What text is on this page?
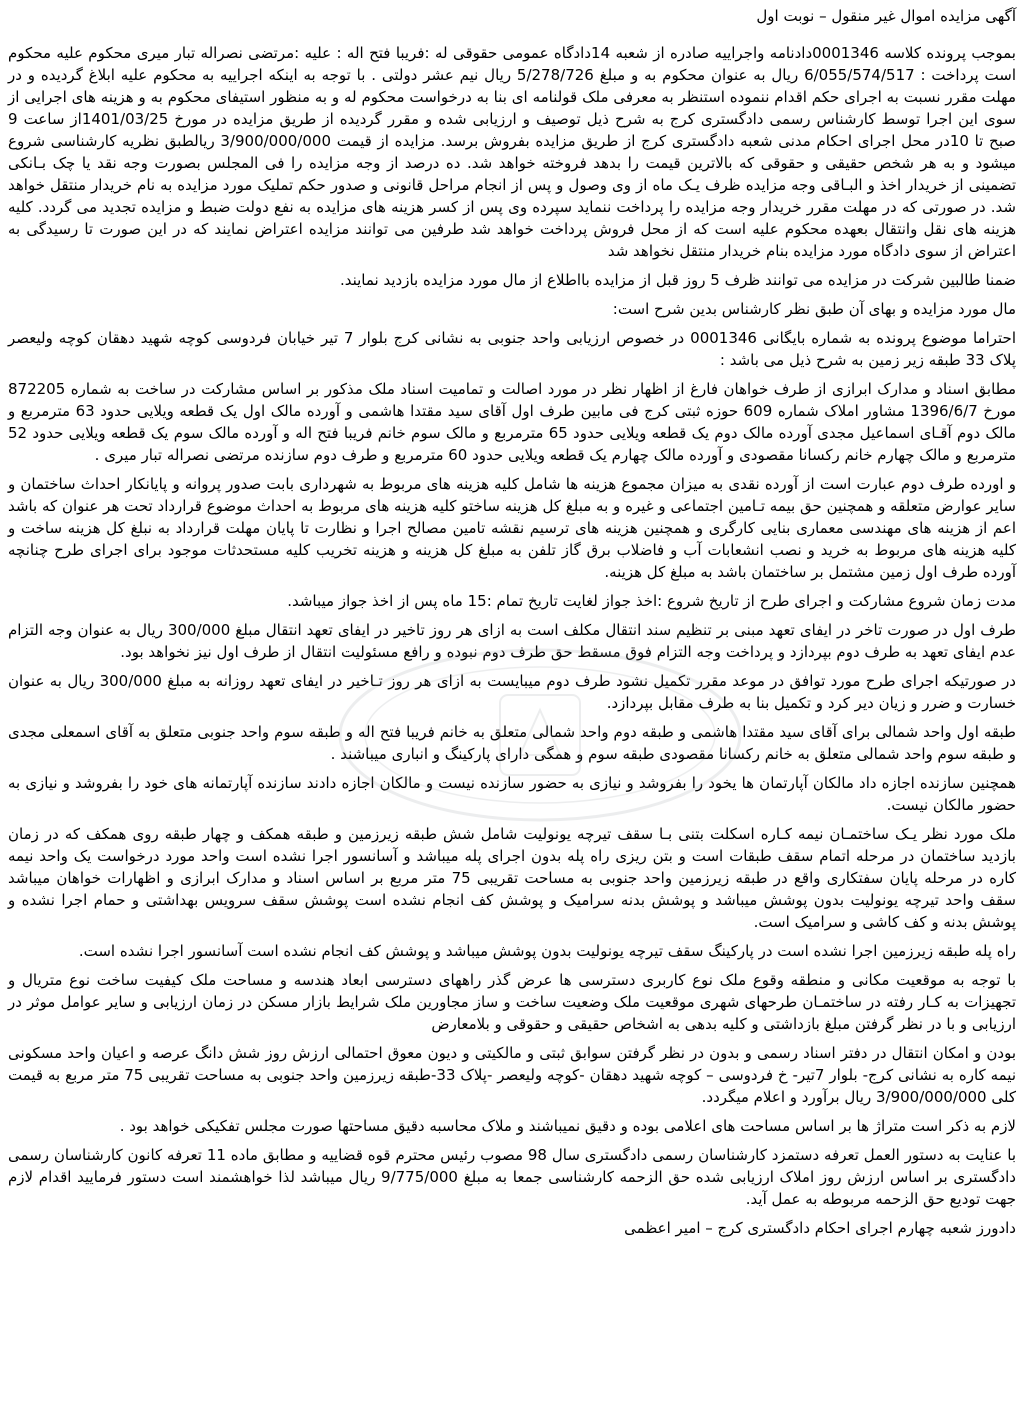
آگهی مزایده اموال غیر منقول – نوبت اول

بموجب پرونده کلاسه 0001346دادنامه واجراییه صادره از شعبه 14دادگاه عمومی حقوقی له :فریبا فتح اله : علیه :مرتضی نصراله تبار میری محکوم علیه محکوم است پرداخت : 6/055/574/517 ریال به عنوان محکوم به و مبلغ 5/278/726 ریال نیم عشر دولتی . با توجه به اینکه اجراییه به محکوم علیه ابلاغ گردیده و در مهلت مقرر نسبت به اجرای حکم اقدام ننموده استنظر به معرفی ملک قولنامه ای بنا به درخواست محکوم له و به منظور استیفای محکوم به و هزینه های اجرایی از سوی این اجرا توسط کارشناس رسمی دادگستری کرج به شرح ذیل توصیف و ارزیابی شده و مقرر گردیده از طریق مزایده در مورخ 1401/03/25از ساعت 9 صبح تا 10در محل اجرای احکام مدنی شعبه دادگستری کرج از طریق مزایده بفروش برسد. مزایده از قیمت 3/900/000/000 ریالطبق نظریه کارشناسی شروع میشود و به هر شخص حقیقی و حقوقی که بالاترین قیمت را بدهد فروخته خواهد شد. ده درصد از وجه مزایده را فی المجلس بصورت وجه نقد یا چک بـانکی تضمینی از خریدار اخذ و البـاقی وجه مزایده ظرف یـک ماه از وی وصول و پس از انجام مراحل قانونی و صدور حکم تملیک مورد مزایده به نام خریدار منتقل خواهد شد. در صورتی که در مهلت مقرر خریدار وجه مزایده را پرداخت ننماید سپرده وی پس از کسر هزینه های مزایده به نفع دولت ضبط و مزایده تجدید می گردد. کلیه هزینه های نقل وانتقال بعهده محکوم علیه است که از محل فروش پرداخت خواهد شد طرفین می توانند مزایده اعتراض نمایند که در این صورت تا رسیدگی به اعتراض از سوی دادگاه مورد مزایده بنام خریدار منتقل نخواهد شد

ضمنا طالبین شرکت در مزایده می توانند ظرف 5 روز قبل از مزایده بااطلاع از مال مورد مزایده بازدید نمایند.

مال مورد مزایده و بهای آن طبق نظر کارشناس بدین شرح است:

احتراما موضوع پرونده به شماره بایگانی 0001346 در خصوص ارزیابی واحد جنوبی به نشانی کرج بلوار 7 تیر خیابان فردوسی کوچه شهید دهقان کوچه ولیعصر پلاک 33 طبقه زیر زمین به شرح ذیل می باشد :

مطابق اسناد و مدارک ابرازی از طرف خواهان فارغ از اظهار نظر در مورد اصالت و تمامیت اسناد ملک مذکور بر اساس مشارکت در ساخت به شماره 872205 مورخ 1396/6/7 مشاور املاک شماره 609 حوزه ثبتی کرج فی مابین طرف اول آقای سید مقتدا هاشمی و آورده مالک اول یک قطعه ویلایی حدود 63 مترمربع و مالک دوم آقـای اسماعیل مجدی آورده مالک دوم یک قطعه ویلایی حدود 65 مترمربع و مالک سوم خانم فریبا فتح اله و آورده مالک سوم یک قطعه ویلایی حدود 52 مترمربع و مالک چهارم خانم رکسانا مقصودی و آورده مالک چهارم یک قطعه ویلایی حدود 60 مترمربع و طرف دوم سازنده مرتضی نصراله تبار میری .

و اورده طرف دوم عبارت است از آورده نقدی به میزان مجموع هزینه ها شامل کلیه هزینه های مربوط به شهرداری بابت صدور پروانه و پایانکار احداث ساختمان و سایر عوارض متعلقه و همچنین حق بیمه تـامین اجتماعی و غیره و به مبلغ کل هزینه ساختو کلیه هزینه های مربوط به احداث موضوع قرارداد تحت هر عنوان که باشد اعم از هزینه های مهندسی معماری بنایی کارگری و همچنین هزینه های ترسیم نقشه تامین مصالح اجرا و نظارت تا پایان مهلت قرارداد به نبلغ کل هزینه ساخت و کلیه هزینه های مربوط به خرید و نصب انشعابات آب و فاضلاب برق گاز تلفن به مبلغ کل هزینه و هزینه تخریب کلیه مستحدثات موجود برای اجرای طرح چنانچه آورده طرف اول زمین مشتمل بر ساختمان باشد به مبلغ کل هزینه.

مدت زمان شروع مشارکت و اجرای طرح از تاریخ شروع :اخذ جواز لغایت تاریخ تمام :15 ماه پس از اخذ جواز میباشد.

طرف اول در صورت تاخر در ایفای تعهد مبنی بر تنظیم سند انتقال مکلف است به ازای هر روز تاخیر در ایفای تعهد انتقال مبلغ 300/000 ریال به عنوان وجه التزام عدم ایفای تعهد به طرف دوم بپردازد و پرداخت وجه التزام فوق مسقط حق طرف دوم نبوده و رافع مسئولیت انتقال از طرف اول نیز نخواهد بود.

در صورتیکه اجرای طرح مورد توافق در موعد مقرر تکمیل نشود طرف دوم میبایست به ازای هر روز تـاخیر در ایفای تعهد روزانه به مبلغ 300/000 ریال به عنوان خسارت و ضرر و زیان دیر کرد و تکمیل بنا به طرف مقابل بپردازد.

طبقه اول واحد شمالی برای آقای سید مقتدا هاشمی و طبقه دوم واحد شمالی متعلق به خانم فریبا فتح اله و طبقه سوم واحد جنوبی متعلق به آقای اسمعلی مجدی و طبقه سوم واحد شمالی متعلق به خانم رکسانا مقصودی طبقه سوم و همگی دارای پارکینگ و انباری میباشند .

همچنین سازنده اجازه داد مالکان آپارتمان ها یخود را بفروشد و نیازی به حضور سازنده نیست و مالکان اجازه دادند سازنده آپارتمانه های خود را بفروشد و نیازی به حضور مالکان نیست.

ملک مورد نظر یـک ساختمـان نیمه کـاره اسکلت بتنی بـا سقف تیرچه یونولیت شامل شش طبقه زیرزمین و طبقه همکف و چهار طبقه روی همکف که در زمان بازدید ساختمان در مرحله اتمام سقف طبقات است و بتن ریزی راه پله بدون اجرای پله میباشد و آسانسور اجرا نشده است واحد مورد درخواست یک واحد نیمه کاره در مرحله پایان سفتکاری واقع در طبقه زیرزمین واحد جنوبی به مساحت تقریبی 75 متر مربع بر اساس اسناد و مدارک ابرازی و اظهارات خواهان میباشد سقف واحد تیرچه یونولیت بدون پوشش میباشد و پوشش بدنه سرامیک و پوشش کف انجام نشده است پوشش سقف سرویس بهداشتی و حمام اجرا نشده و پوشش بدنه و کف کاشی و سرامیک است.

راه پله طبقه زیرزمین اجرا نشده است در پارکینگ سقف تیرچه یونولیت بدون پوشش میباشد و پوشش کف انجام نشده است آسانسور اجرا نشده است.

با توجه به موقعیت مکانی و منطقه وقوع ملک نوع کاربری دسترسی ها عرض گذر راههای دسترسی ابعاد هندسه و مساحت ملک کیفیت ساخت نوع متریال و تجهیزات به کـار رفته در ساختمـان طرحهای شهری موقعیت ملک وضعیت ساخت و ساز مجاورین ملک شرایط بازار مسکن در زمان ارزیابی و سایر عوامل موثر در ارزیابی و با در نظر گرفتن مبلغ بازداشتی و کلیه بدهی به اشخاص حقیقی و حقوقی و بلامعارض

بودن و امکان انتقال در دفتر اسناد رسمی و بدون در نظر گرفتن سوابق ثبتی و مالکیتی و دیون معوق احتمالی ارزش روز شش دانگ عرصه و اعیان واحد مسکونی نیمه کاره به نشانی کرج- بلوار 7تیر- خ فردوسی – کوچه شهید دهقان -کوچه ولیعصر -پلاک 33-طبقه زیرزمین واحد جنوبی به مساحت تقریبی 75 متر مربع به قیمت کلی 3/900/000/000 ریال برآورد و اعلام میگردد.

لازم به ذکر است متراژ ها بر اساس مساحت های اعلامی بوده و دقیق نمیباشند و ملاک محاسبه دقیق مساحتها صورت مجلس تفکیکی خواهد بود .

با عنایت به دستور العمل تعرفه دستمزد کارشناسان رسمی دادگستری سال 98 مصوب رئیس محترم قوه قضاییه و مطابق ماده 11 تعرفه کانون کارشناسان رسمی دادگستری بر اساس ارزش روز املاک ارزیابی شده حق الزحمه کارشناسی جمعا به مبلغ 9/775/000 ریال میباشد لذا خواهشمند است دستور فرمایید اقدام لازم جهت تودیع حق الزحمه مربوطه به عمل آید.

دادورز شعبه چهارم اجرای احکام دادگستری کرج – امیر اعظمی
